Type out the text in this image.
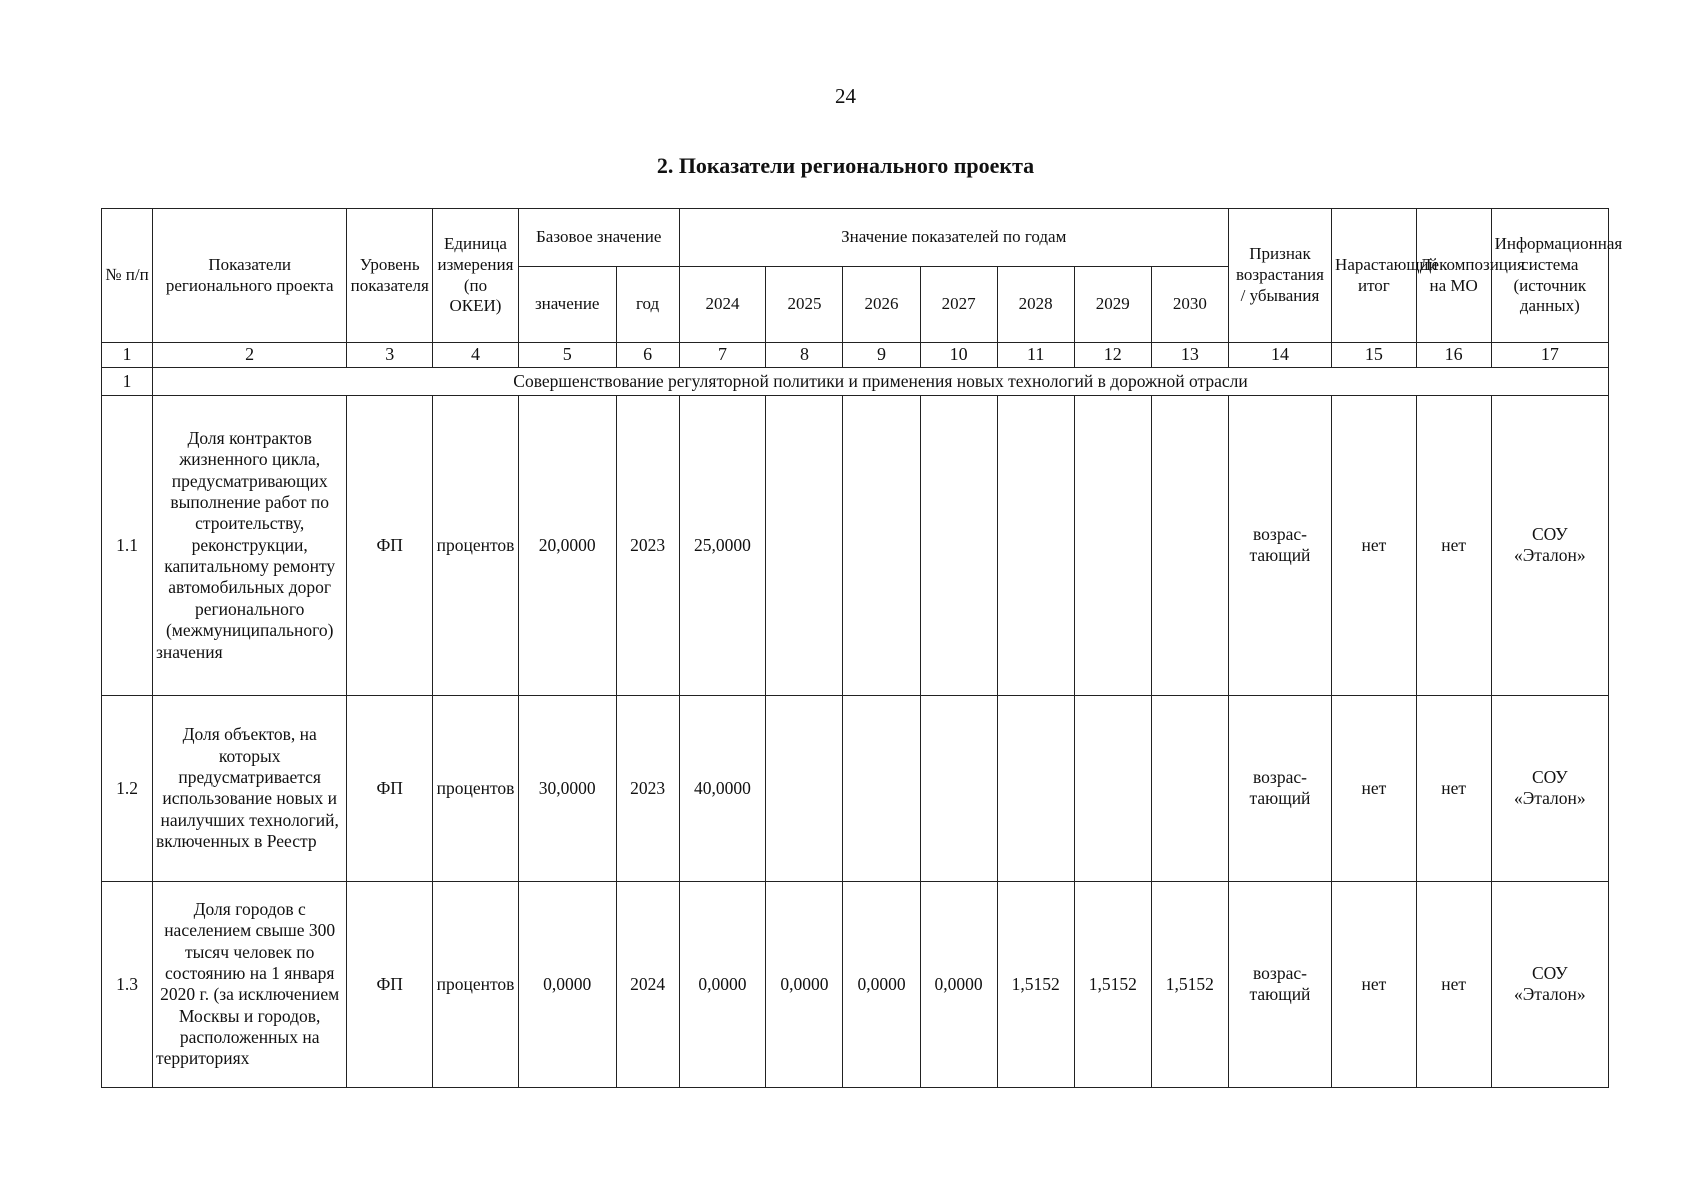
24
2. Показатели регионального проекта
№ п/п	Показатели регионального проекта	Уровень показателя	Единица измерения (по ОКЕИ)	Базовое значение		Значение показателей по годам							Признак возрастания / убывания	Нарастающий итог	Декомпозиция на МО	Информационная система (источник данных)
				значение	год	2024	2025	2026	2027	2028	2029	2030				
1	2	3	4	5	6	7	8	9	10	11	12	13	14	15	16	17
1	Совершенствование регуляторной политики и применения новых технологий в дорожной отрасли															
1.1	Доля контрактов жизненного цикла, предусматривающих выполнение работ по строительству, реконструкции, капитальному ремонту автомобильных дорог регионального (межмуниципального) значения	ФП	процентов	20,0000	2023	25,0000							возрас-тающий	нет	нет	СОУ «Эталон»
1.2	Доля объектов, на которых предусматривается использование новых и наилучших технологий, включенных в Реестр	ФП	процентов	30,0000	2023	40,0000							возрас-тающий	нет	нет	СОУ «Эталон»
1.3	Доля городов с населением свыше 300 тысяч человек по состоянию на 1 января 2020 г. (за исключением Москвы и городов, расположенных на территориях	ФП	процентов	0,0000	2024	0,0000	0,0000	0,0000	0,0000	1,5152	1,5152	1,5152	возрас-тающий	нет	нет	СОУ «Эталон»
